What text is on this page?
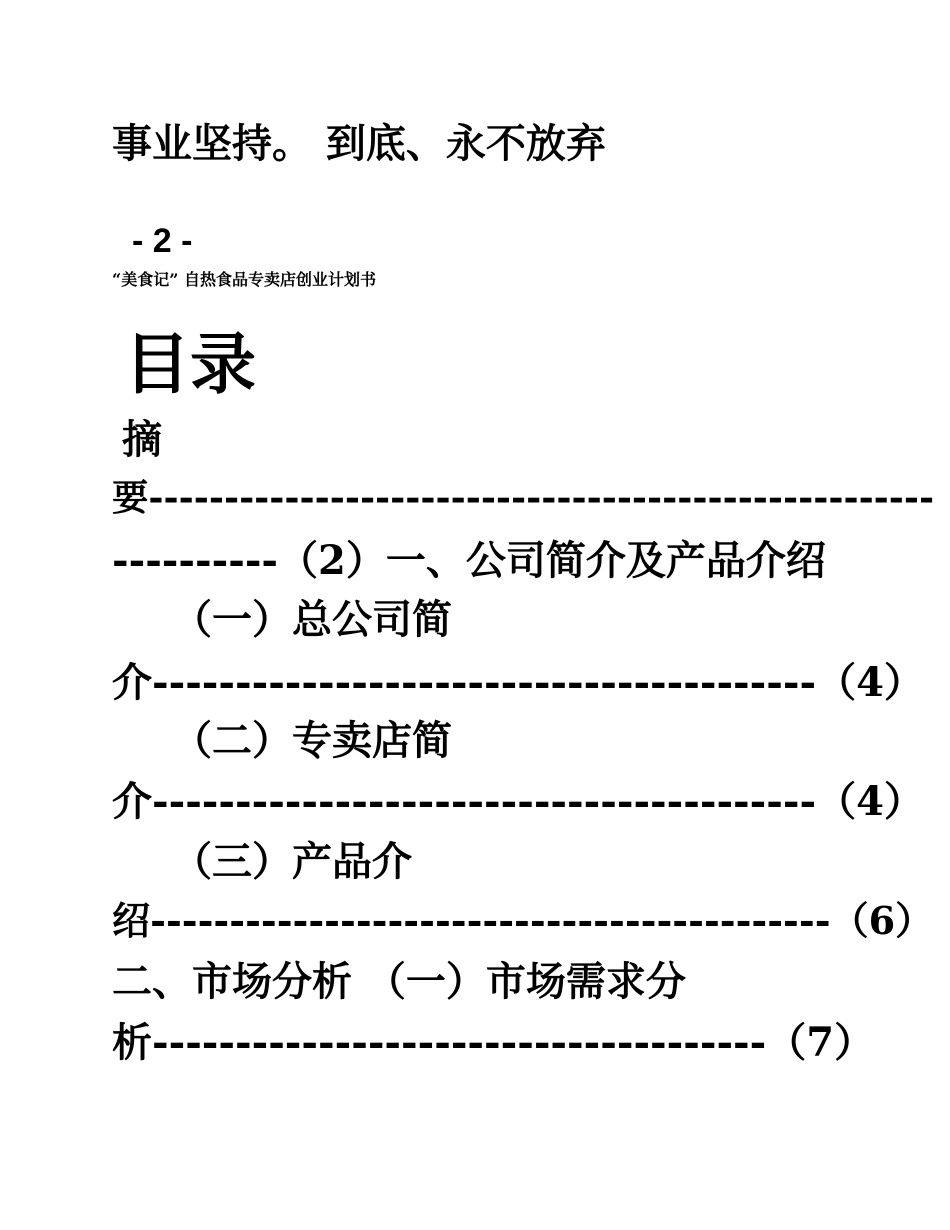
事业坚持。 到底、永不放弃
- 2 -
“美食记” 自热食品专卖店创业计划书
目录
摘
要----------------------------------------------------
----------（2）一、公司简介及产品介绍
（一）总公司简
介----------------------------------------（4）
（二）专卖店简
介----------------------------------------（4）
（三）产品介
绍-------------------------------------------（6）
二、市场分析 （一）市场需求分
析-------------------------------------（7）
